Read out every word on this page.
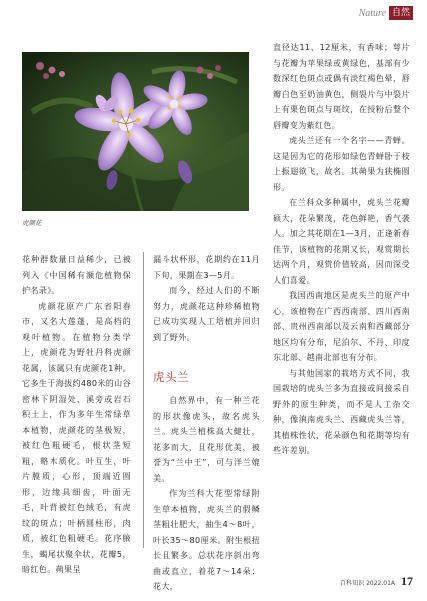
Nature 自然
虎颜花

花种群数量日益稀少，已被列入《中国稀有濒危植物保护名录》。

虎颜花原产广东省阳春市，又名大莲蓬，是高档的观叶植物。在植物分类学上，虎颜花为野牡丹科虎颜花属，该属只有虎颜花1种。它多生于海拔约480米的山谷密林下阴湿处、溪旁或岩石积土上，作为多年生常绿草本植物，虎颜花的茎极短，被红色粗硬毛，根状茎短粗，略木质化。叶互生，叶片膜质，心形，顶端近圆形，边缘具细齿，叶面无毛，叶背被红色绒毛，有虎纹的斑点；叶柄圆柱形，肉质，被红色粗硬毛。花序腋生，蝎尾状聚伞状，花瓣5，暗红色。蒴果呈

漏斗状杯形，花期约在11月下旬，果期在3—5月。

而今，经过人们的不断努力，虎颜花这种珍稀植物已成功实现人工培植并回归到了野外。

虎头兰

自然界中，有一种兰花的形状像虎头，故名虎头兰。虎头兰植株高大健壮，花多而大，且花形优美，被誉为“兰中王”，可与洋兰媲美。

作为兰科大花型常绿附生草本植物，虎头兰的假鳞茎粗壮肥大，抽生4～8叶，叶长35～80厘米。附生根扭长且繁多。总状花序斜出弯曲或直立，着花7～14朵；花大，

直径达11、12厘米，有香味；萼片与花瓣为苹果绿或黄绿色，基部有少数深红色斑点或偶有淡红褐色晕，唇瓣白色至奶油黄色，侧裂片与中裂片上有栗色斑点与斑纹，在授粉后整个唇瓣变为紫红色。

虎头兰还有一个名字——青蝉。这是因为它的花形如绿色青蝉卧于枝上振翅欲飞，故名。其蒴果为狭椭圆形。

在兰科众多种属中，虎头兰花瓣硕大，花朵繁茂，花色鲜艳，香气袭人。加之其花期在1—3月，正逢新春佳节，该植物的花期又长，观赏期长达两个月，观赏价值较高，因而深受人们喜爱。

我国西南地区是虎头兰的原产中心，该植物在广西西南部、四川西南部、贵州西南部以及云南和西藏部分地区均有分布，尼泊尔、不丹、印度东北部、越南北部也有分布。

与其他国家的栽培方式不同，我国栽培的虎头兰多为直接或间接采自野外的原生种类，而不是人工杂交种，像滇南虎头兰、西藏虎头兰等，其植株性状、花朵颜色和花期等均有些许差别。

百科知识 2022.01A 17
